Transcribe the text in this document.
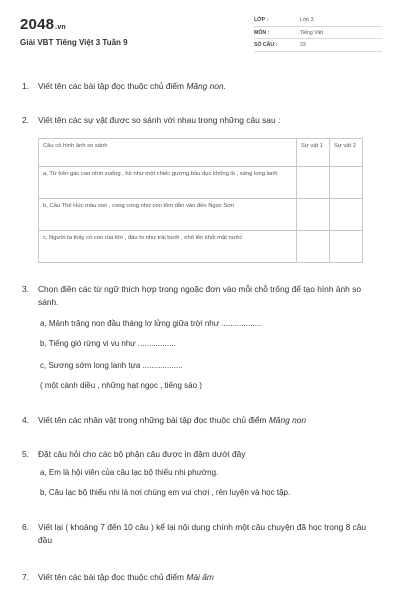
2048.vn
Giải VBT Tiếng Việt 3 Tuần 9
LỚP :	Lớp 3
MÔN :	Tiếng Việt
SỐ CÂU :	23
1. Viết tên các bài tập đọc thuộc chủ điểm Măng non.
2. Viết tên các sự vật được so sánh với nhau trong những câu sau :
Câu có hình ảnh so sánh	Sự vật 1	Sự vật 2
a, Từ trên gác cao nhìn xuống , hồ như một chiếc gương bầu dục khổng lồ , sáng long lanh		
b, Cầu Thê Húc màu son , cong cong như con tôm dẫn vào đền Ngọc Sơn		
c, Người ta thấy có con rùa lớn , đầu to như trái bưởi , nhô lên khỏi mặt nước		
3. Chọn điền các từ ngữ thích hợp trong ngoặc đơn vào mỗi chỗ trống để tạo hình ảnh so sánh.
a, Mảnh trăng non đầu tháng lơ lửng giữa trời như ..................
b, Tiếng gió rừng vi vu như .................
c, Sương sớm long lanh tựa ..................
( một cánh diều , những hạt ngọc , tiếng sáo )
4. Viết tên các nhân vật trong những bài tập đọc thuộc chủ điểm Măng non
5. Đặt câu hỏi cho các bộ phận câu được in đậm dưới đây
a, Em là hội viên của câu lạc bộ thiếu nhi phường.
b, Câu lạc bộ thiếu nhi là nơi chúng em vui chơi , rèn luyện và học tập.
6. Viết lại ( khoảng 7 đến 10 câu ) kể lại nội dung chính một câu chuyện đã học trong 8 câu đầu
7. Viết tên các bài tập đọc thuộc chủ điểm Mái ấm
